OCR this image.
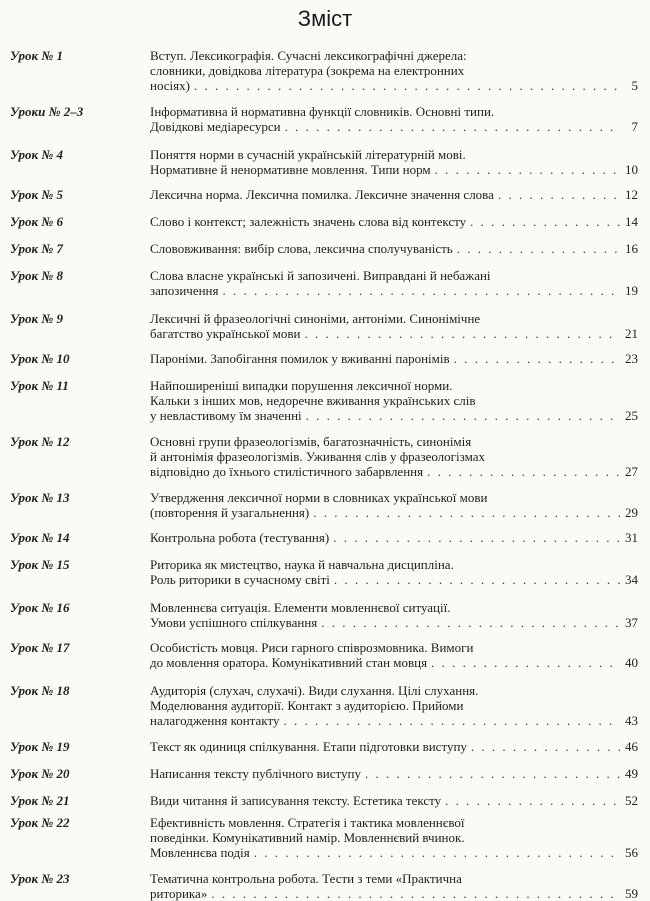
Зміст
Урок № 1	Вступ. Лексикографія. Сучасні лексикографічні джерела:
словники, довідкова література (зокрема на електронних
носіях) . . .	5
Уроки № 2–3	Інформативна й нормативна функції словників. Основні типи.
Довідкові медіаресурси . . .	7
Урок № 4	Поняття норми в сучасній українській літературній мові.
Нормативне й ненормативне мовлення. Типи норм . . .	10
Урок № 5	Лексична норма. Лексична помилка. Лексичне значення слова . . .	12
Урок № 6	Слово і контекст; залежність значень слова від контексту . . .	14
Урок № 7	Слововживання: вибір слова, лексична сполучуваність . . .	16
Урок № 8	Слова власне українські й запозичені. Виправдані й небажані
запозичення . . .	19
Урок № 9	Лексичні й фразеологічні синоніми, антоніми. Синонімічне
багатство української мови . . .	21
Урок № 10	Пароніми. Запобігання помилок у вживанні паронімів . . .	23
Урок № 11	Найпоширеніші випадки порушення лексичної норми.
Кальки з інших мов, недоречне вживання українських слів
у невластивому їм значенні . . .	25
Урок № 12	Основні групи фразеологізмів, багатозначність, синонімія
й антонімія фразеологізмів. Уживання слів у фразеологізмах
відповідно до їхнього стилістичного забарвлення . . .	27
Урок № 13	Утвердження лексичної норми в словниках української мови
(повторення й узагальнення) . . .	29
Урок № 14	Контрольна робота (тестування) . . .	31
Урок № 15	Риторика як мистецтво, наука й навчальна дисципліна.
Роль риторики в сучасному світі . . .	34
Урок № 16	Мовленнєва ситуація. Елементи мовленнєвої ситуації.
Умови успішного спілкування . . .	37
Урок № 17	Особистість мовця. Риси гарного співрозмовника. Вимоги
до мовлення оратора. Комунікативний стан мовця . . .	40
Урок № 18	Аудиторія (слухач, слухачі). Види слухання. Цілі слухання.
Моделювання аудиторії. Контакт з аудиторією. Прийоми
налагодження контакту . . .	43
Урок № 19	Текст як одиниця спілкування. Етапи підготовки виступу . . .	46
Урок № 20	Написання тексту публічного виступу . . .	49
Урок № 21	Види читання й записування тексту. Естетика тексту . . .	52
Урок № 22	Ефективність мовлення. Стратегія і тактика мовленнєвої
поведінки. Комунікативний намір. Мовленнєвий вчинок.
Мовленнєва подія . . .	56
Урок № 23	Тематична контрольна робота. Тести з теми «Практична
риторика» . . .	59
